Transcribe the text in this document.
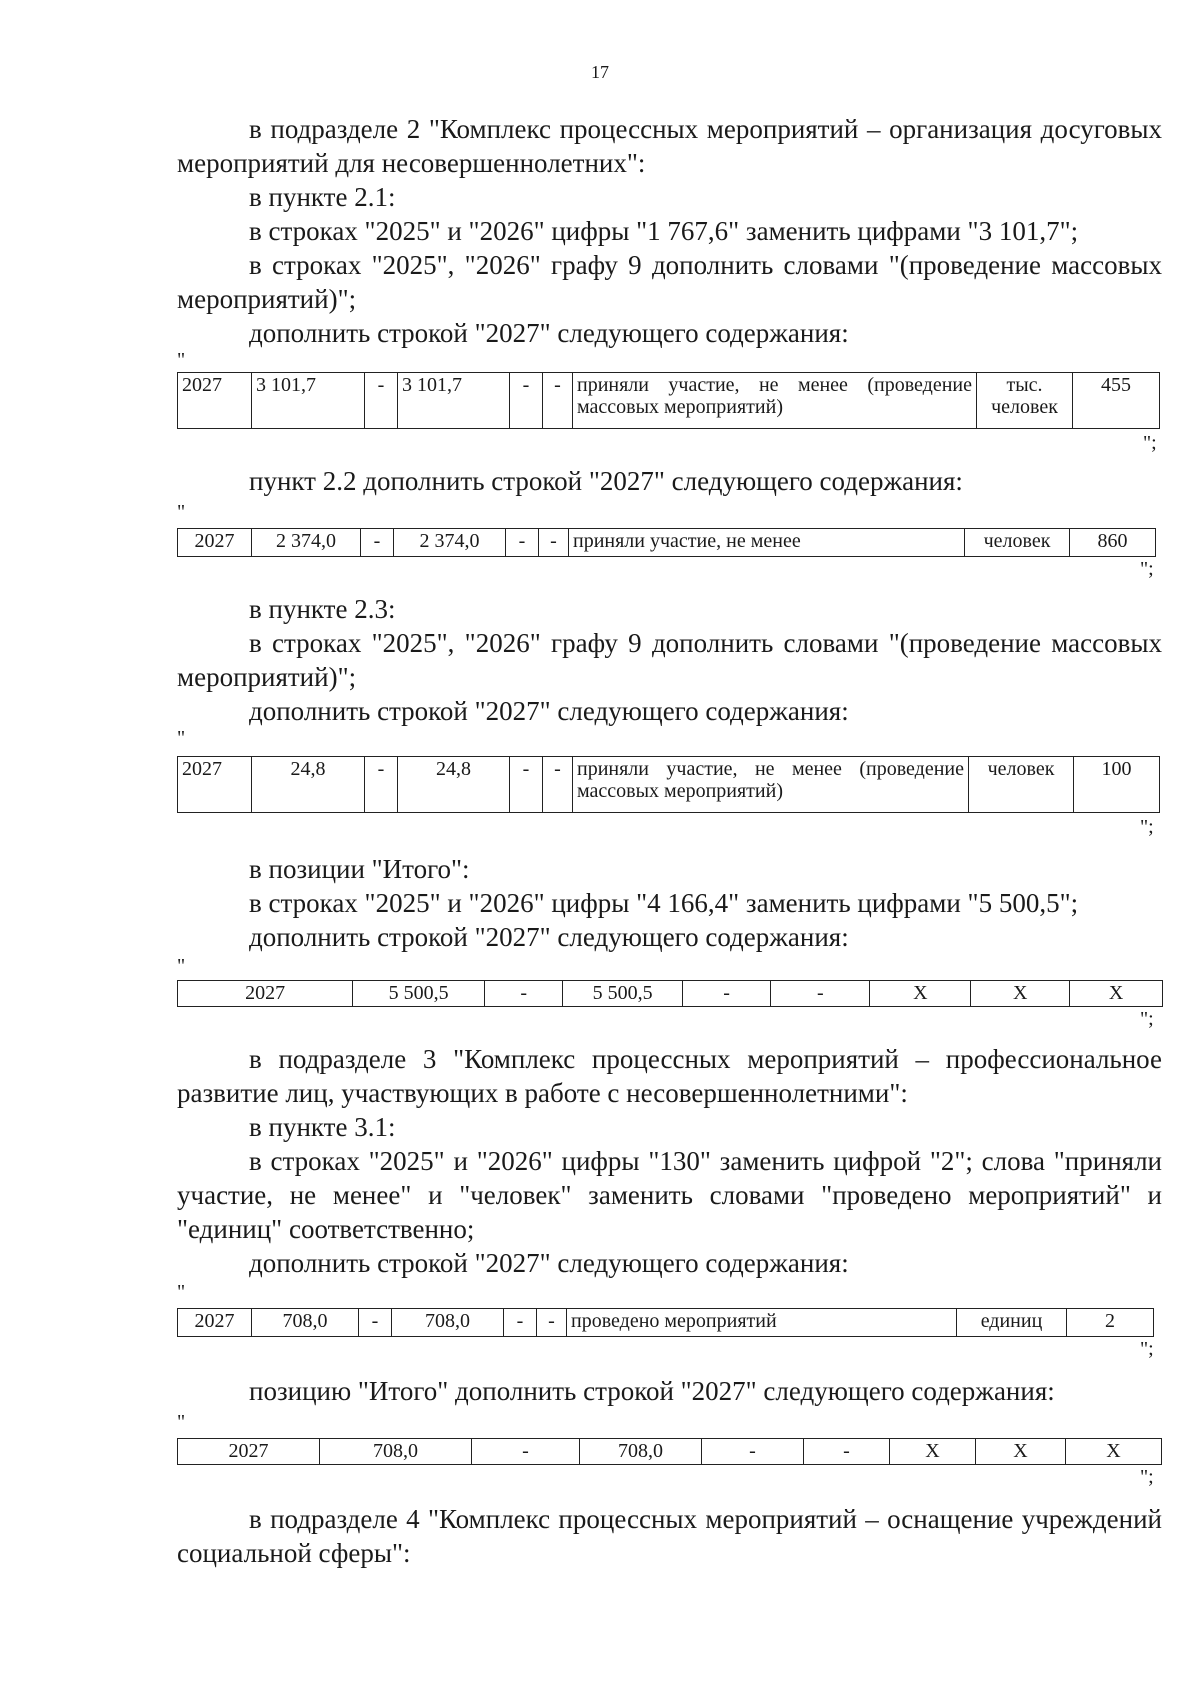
17

в подразделе 2 "Комплекс процессных мероприятий – организация досуговых мероприятий для несовершеннолетних":

в пункте 2.1:

в строках "2025" и "2026" цифры "1 767,6" заменить цифрами "3 101,7";

в строках "2025", "2026" графу 9 дополнить словами "(проведение массовых мероприятий)";

дополнить строкой "2027" следующего содержания:

"
2027	3 101,7	-	3 101,7	-	-	приняли участие, не менее (проведение массовых мероприятий)	тыс. человек	455
";

пункт 2.2 дополнить строкой "2027" следующего содержания:

"
2027	2 374,0	-	2 374,0	-	-	приняли участие, не менее	человек	860
";

в пункте 2.3:

в строках "2025", "2026" графу 9 дополнить словами "(проведение массовых мероприятий)";

дополнить строкой "2027" следующего содержания:

"
2027	24,8	-	24,8	-	-	приняли участие, не менее (проведение массовых мероприятий)	человек	100
";

в позиции "Итого":

в строках "2025" и "2026" цифры "4 166,4" заменить цифрами "5 500,5";

дополнить строкой "2027" следующего содержания:

"
2027	5 500,5	-	5 500,5	-	-	Х	Х	Х
";

в подразделе 3 "Комплекс процессных мероприятий – профессиональное развитие лиц, участвующих в работе с несовершеннолетними":

в пункте 3.1:

в строках "2025" и "2026" цифры "130" заменить цифрой "2"; слова "приняли участие, не менее" и "человек" заменить словами "проведено мероприятий" и "единиц" соответственно;

дополнить строкой "2027" следующего содержания:

"
2027	708,0	-	708,0	-	-	проведено мероприятий	единиц	2
";

позицию "Итого" дополнить строкой "2027" следующего содержания:

"
2027	708,0	-	708,0	-	-	Х	Х	Х
";

в подразделе 4 "Комплекс процессных мероприятий – оснащение учреждений социальной сферы":
